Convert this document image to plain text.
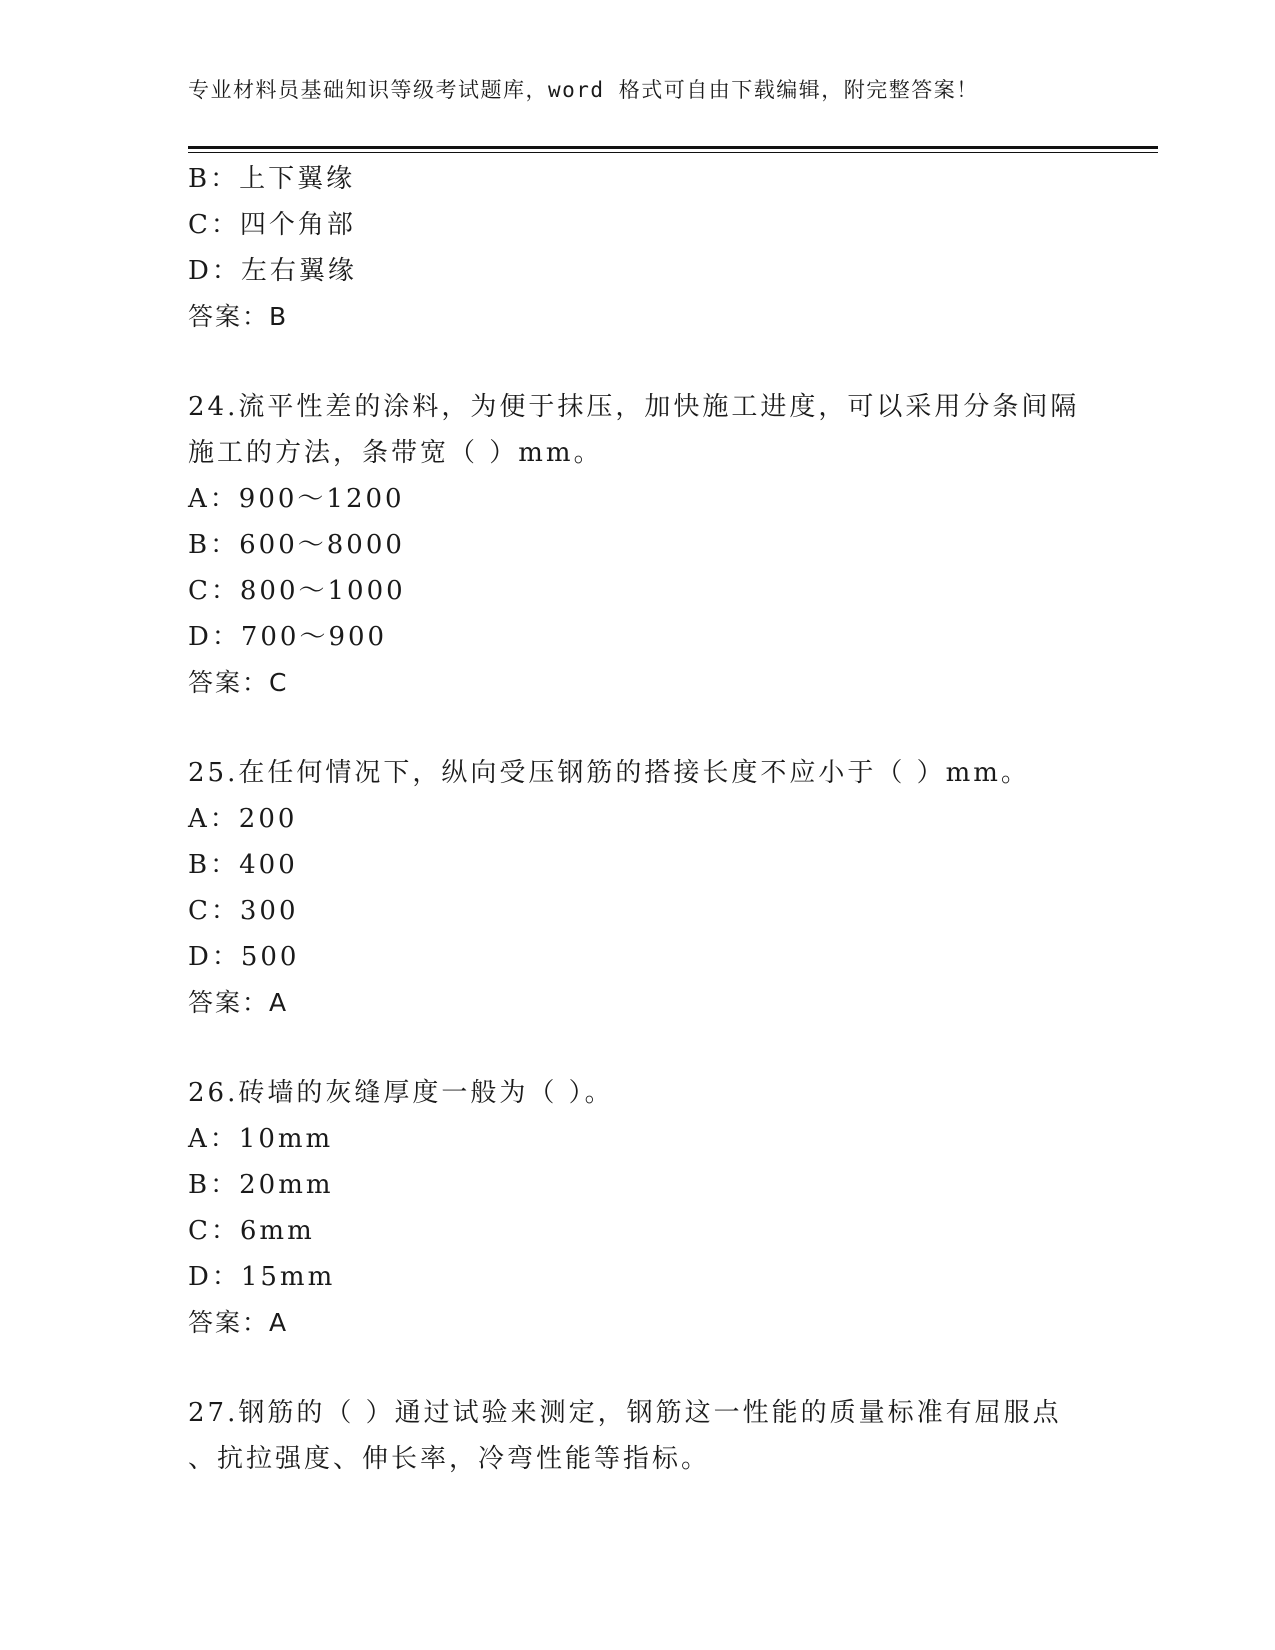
专业材料员基础知识等级考试题库，word 格式可自由下载编辑，附完整答案！
B：上下翼缘
C：四个角部
D：左右翼缘
答案：B
24.流平性差的涂料，为便于抹压，加快施工进度，可以采用分条间隔
施工的方法，条带宽（ ）mm。
A：900～1200
B：600～8000
C：800～1000
D：700～900
答案：C
25.在任何情况下，纵向受压钢筋的搭接长度不应小于（ ）mm。
A：200
B：400
C：300
D：500
答案：A
26.砖墙的灰缝厚度一般为（ ）。
A：10mm
B：20mm
C：6mm
D：15mm
答案：A
27.钢筋的（ ）通过试验来测定，钢筋这一性能的质量标准有屈服点
、抗拉强度、伸长率，冷弯性能等指标。
